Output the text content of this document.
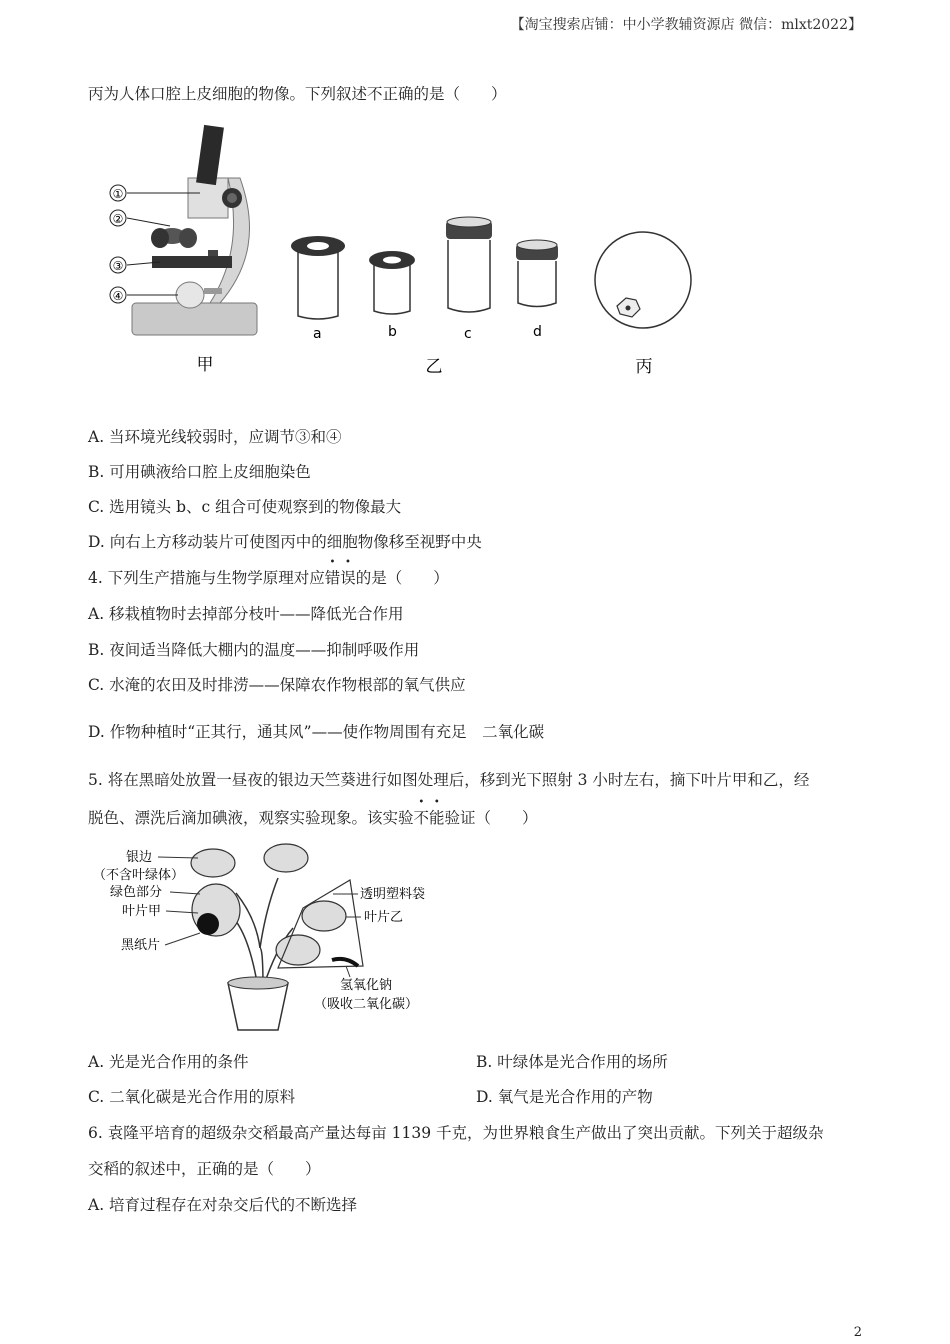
【淘宝搜索店铺：中小学教辅资源店 微信：mlxt2022】
丙为人体口腔上皮细胞的物像。下列叙述不正确的是（　　）
①
②
③
④
甲
a	b	c	d
乙	丙
A. 当环境光线较弱时，应调节③和④
B. 可用碘液给口腔上皮细胞染色
C. 选用镜头 b、c 组合可使观察到的物像最大
D. 向右上方移动装片可使图丙中的细胞物像移至视野中央
4. 下列生产措施与生物学原理对应错误的是（　　）
A. 移栽植物时去掉部分枝叶——降低光合作用
B. 夜间适当降低大棚内的温度——抑制呼吸作用
C. 水淹的农田及时排涝——保障农作物根部的氧气供应
D. 作物种植时“正其行，通其风”——使作物周围有充足　二氧化碳
5. 将在黑暗处放置一昼夜的银边天竺葵进行如图处理后，移到光下照射 3 小时左右，摘下叶片甲和乙，经
脱色、漂洗后滴加碘液，观察实验现象。该实验不能验证（　　）
银边
（不含叶绿体）
绿色部分
叶片甲
黑纸片
透明塑料袋
叶片乙
氢氧化钠
（吸收二氧化碳）
A. 光是光合作用的条件	B. 叶绿体是光合作用的场所
C. 二氧化碳是光合作用的原料	D. 氧气是光合作用的产物
6. 袁隆平培育的超级杂交稻最高产量达每亩 1139 千克，为世界粮食生产做出了突出贡献。下列关于超级杂
交稻的叙述中，正确的是（　　）
A. 培育过程存在对杂交后代的不断选择
2
